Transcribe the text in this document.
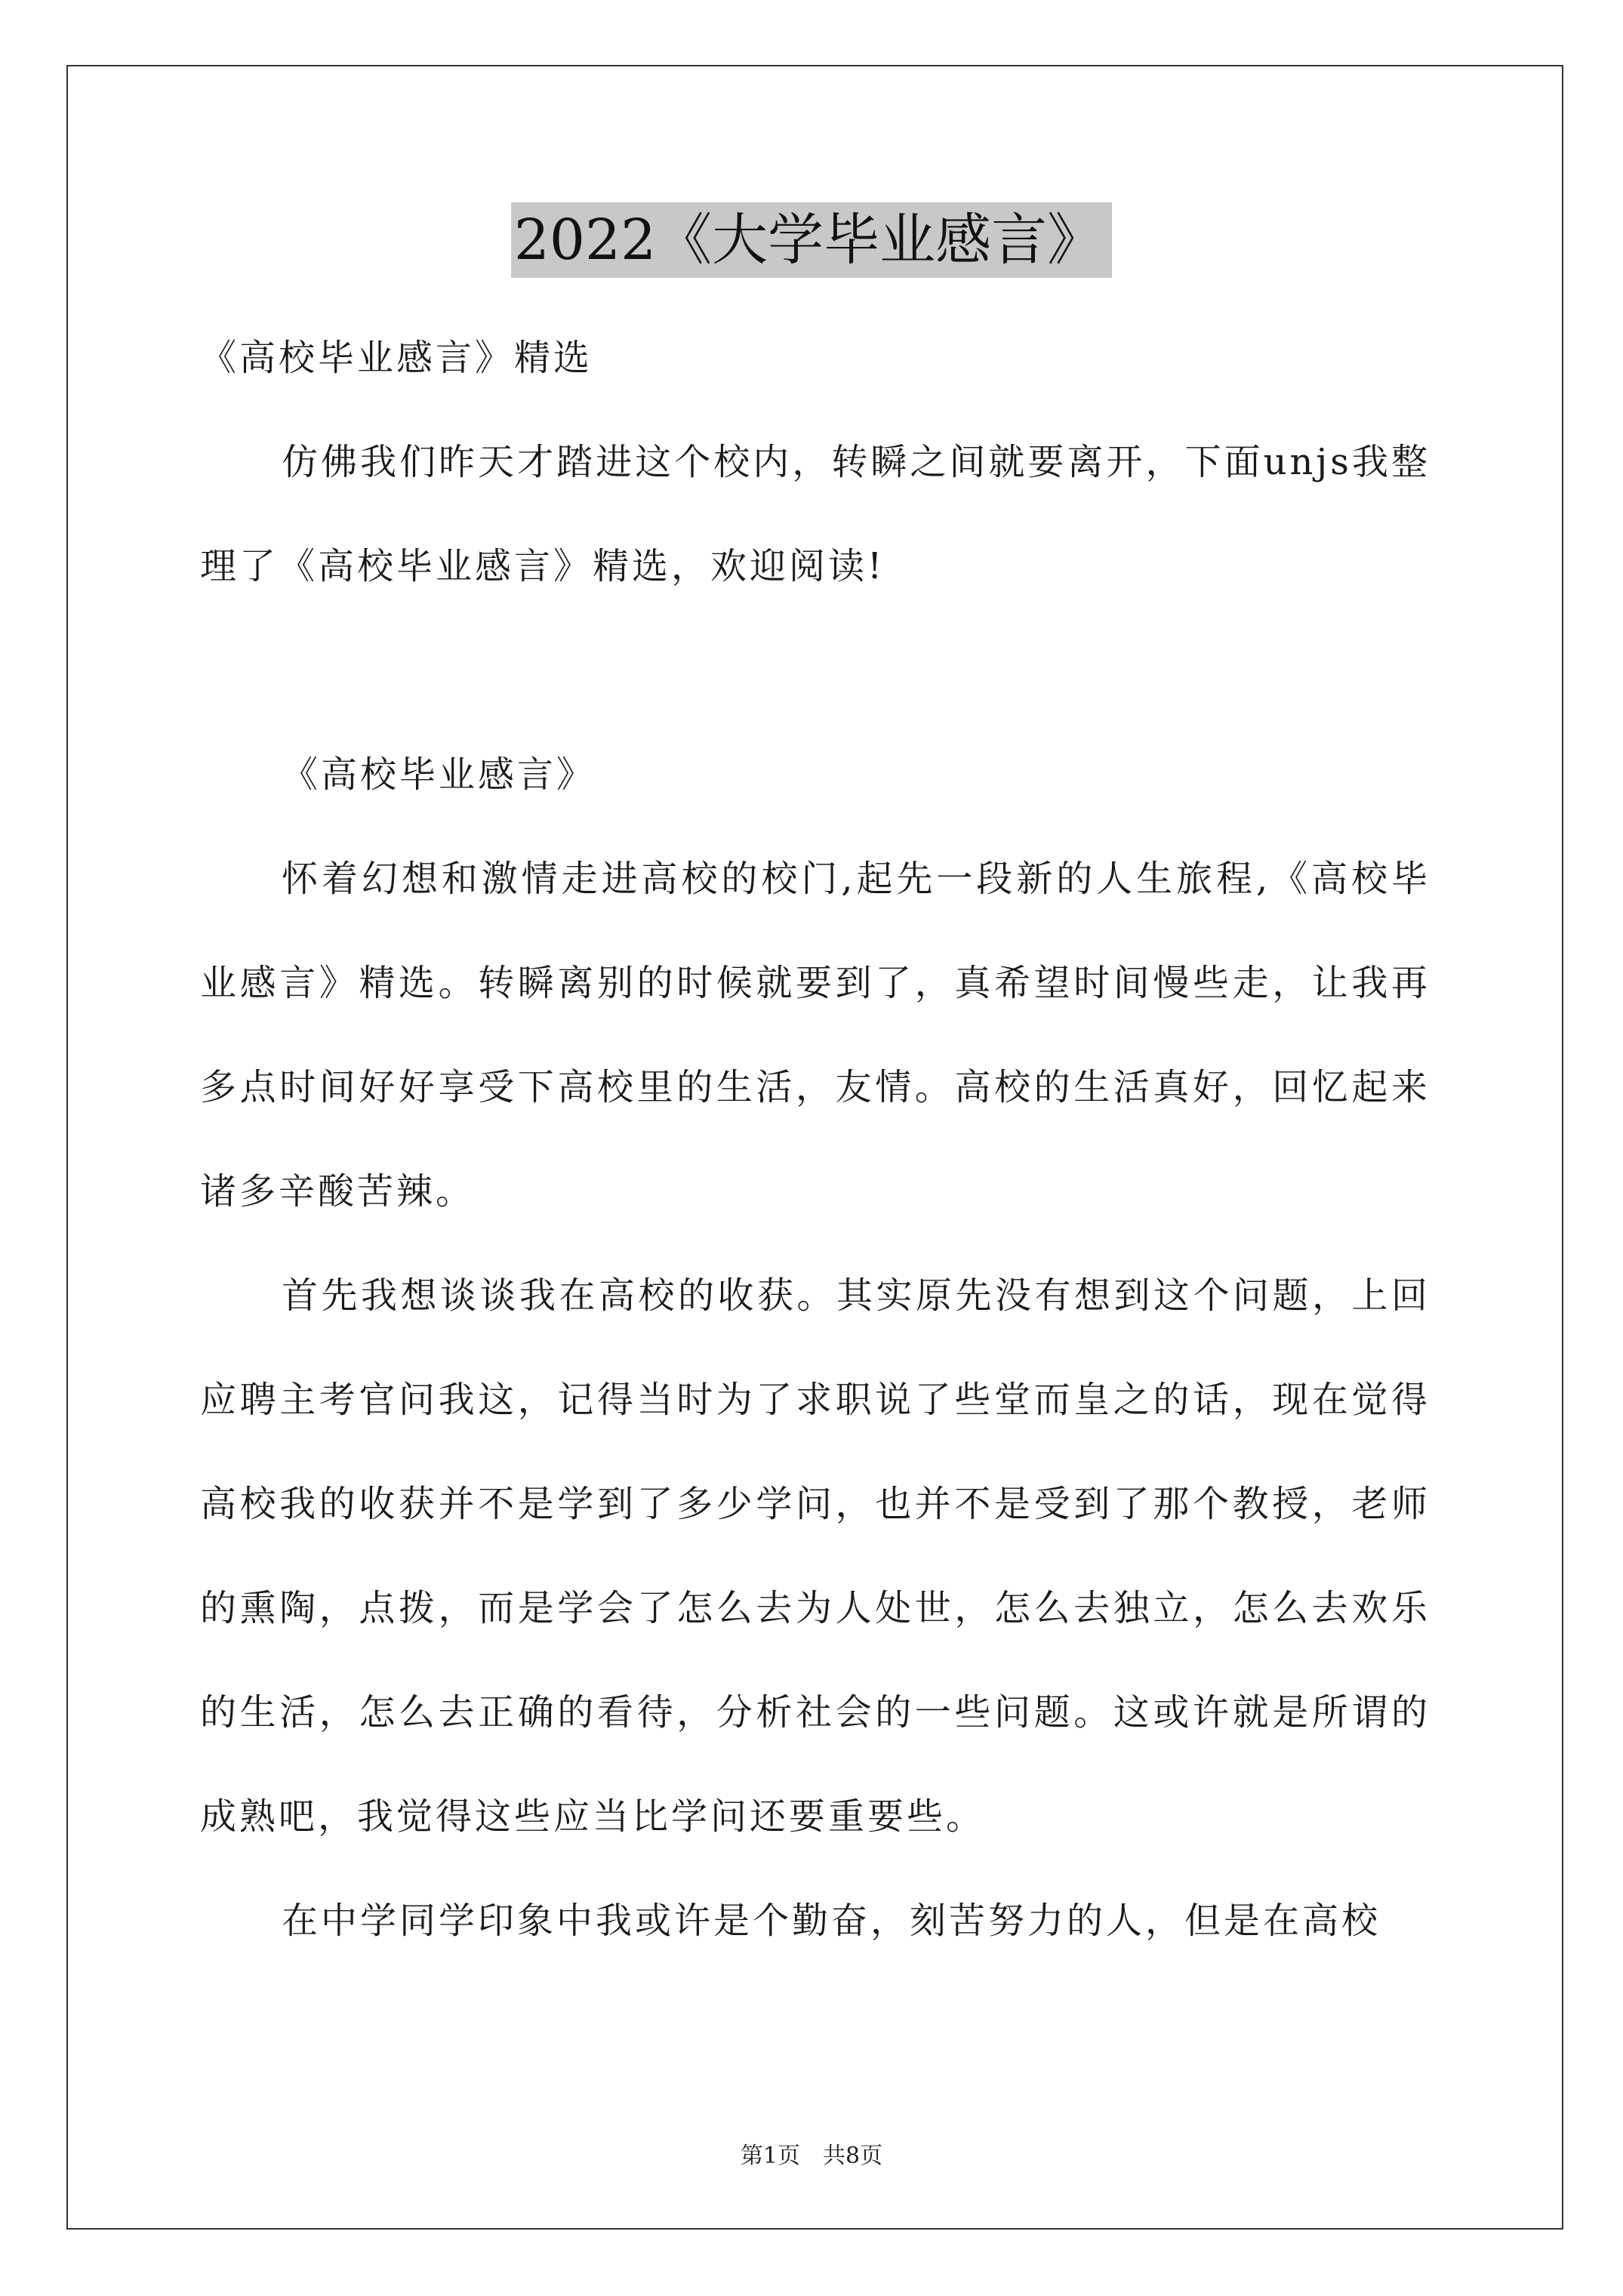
2022《大学毕业感言》

《高校毕业感言》精选

仿佛我们昨天才踏进这个校内，转瞬之间就要离开，下面unjs我整理了《高校毕业感言》精选，欢迎阅读!

《高校毕业感言》

怀着幻想和激情走进高校的校门,起先一段新的人生旅程,《高校毕业感言》精选。转瞬离别的时候就要到了，真希望时间慢些走，让我再多点时间好好享受下高校里的生活，友情。高校的生活真好，回忆起来诸多辛酸苦辣。

首先我想谈谈我在高校的收获。其实原先没有想到这个问题，上回应聘主考官问我这，记得当时为了求职说了些堂而皇之的话，现在觉得高校我的收获并不是学到了多少学问，也并不是受到了那个教授，老师的熏陶，点拨，而是学会了怎么去为人处世，怎么去独立，怎么去欢乐的生活，怎么去正确的看待，分析社会的一些问题。这或许就是所谓的成熟吧，我觉得这些应当比学问还要重要些。

在中学同学印象中我或许是个勤奋，刻苦努力的人，但是在高校

第1页　共8页
